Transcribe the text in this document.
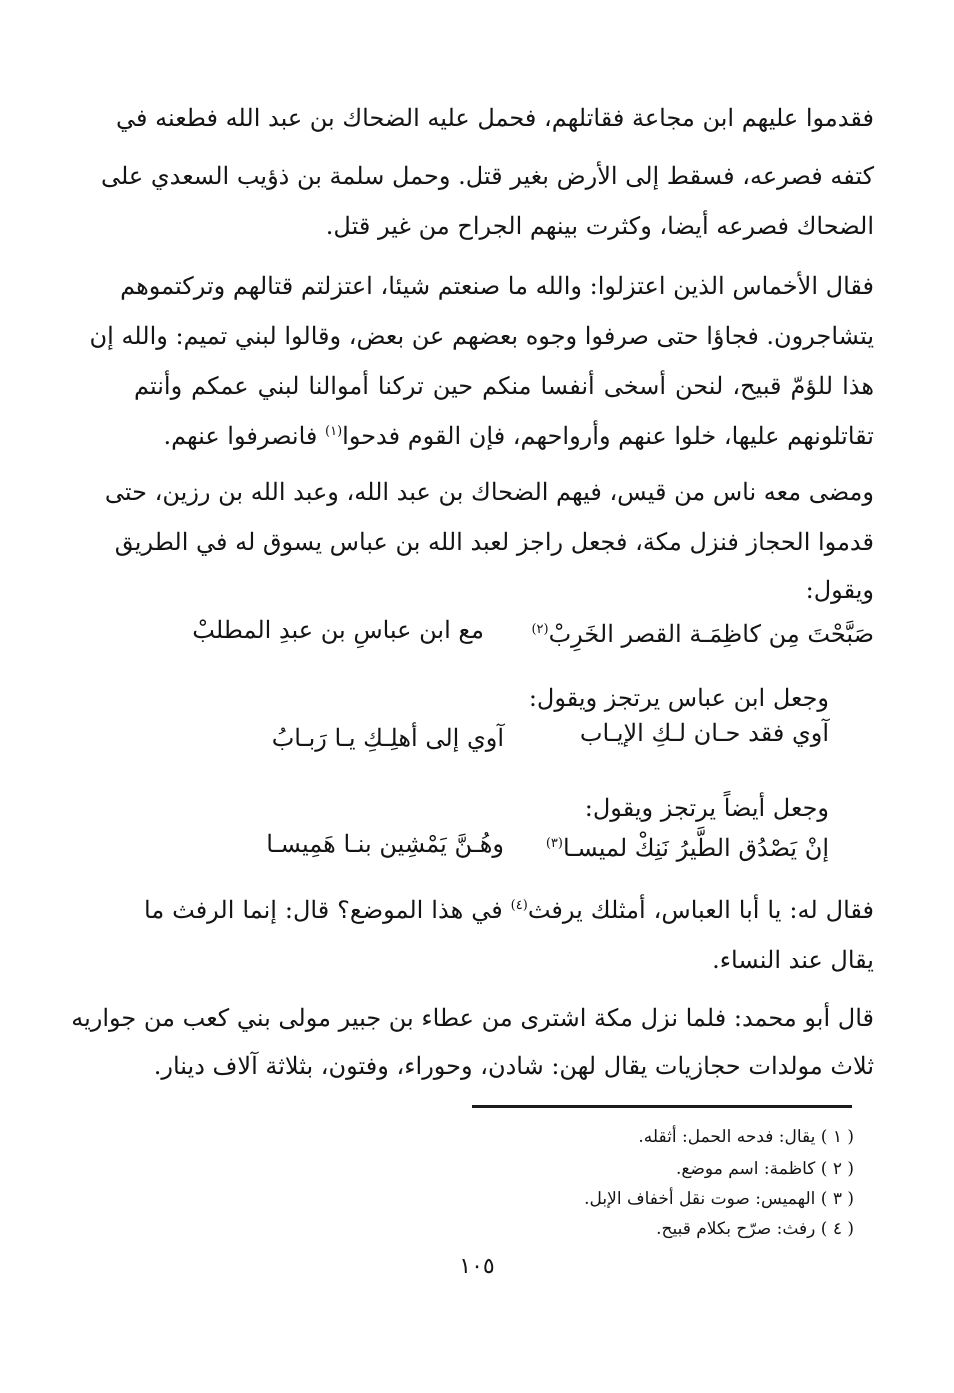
فقدموا عليهم ابن مجاعة فقاتلهم، فحمل عليه الضحاك بن عبد الله فطعنه في
كتفه فصرعه، فسقط إلى الأرض بغير قتل. وحمل سلمة بن ذؤيب السعدي على
الضحاك فصرعه أيضا، وكثرت بينهم الجراح من غير قتل.
فقال الأخماس الذين اعتزلوا: والله ما صنعتم شيئا، اعتزلتم قتالهم وتركتموهم
يتشاجرون. فجاؤا حتى صرفوا وجوه بعضهم عن بعض، وقالوا لبني تميم: والله إن
هذا للؤمّ قبيح، لنحن أسخى أنفسا منكم حين تركنا أموالنا لبني عمكم وأنتم
تقاتلونهم عليها، خلوا عنهم وأرواحهم، فإن القوم فدحوا$^{(١)}$ فانصرفوا عنهم.
ومضى معه ناس من قيس، فيهم الضحاك بن عبد الله، وعبد الله بن رزين، حتى
قدموا الحجاز فنزل مكة، فجعل راجز لعبد الله بن عباس يسوق له في الطريق
ويقول:
صَبَّحْتَ مِن كاظِمَـة القصر الخَرِبْ$^{(٢)}$
مع ابن عباسِ بن عبدِ المطلبْ
وجعل ابن عباس يرتجز ويقول:
آوي إلى أهلِـكِ يـا رَبـابُ	آوي فقد حـان لـكِ الإيـاب
وجعل أيضاً يرتجز ويقول:
وهُـنَّ يَمْشِين بنـا هَمِيسـا	إنْ يَصْدُق الطَّيرُ نَنِكْ لميسـا$^{(٣)}$
فقال له: يا أبا العباس، أمثلك يرفث$^{(٤)}$ في هذا الموضع؟ قال: إنما الرفث ما
يقال عند النساء.
قال أبو محمد: فلما نزل مكة اشترى من عطاء بن جبير مولى بني كعب من جواريه
ثلاث مولدات حجازيات يقال لهن: شادن، وحوراء، وفتون، بثلاثة آلاف دينار.
( ١ ) يقال: فدحه الحمل: أثقله.
( ٢ ) كاظمة: اسم موضع.
( ٣ ) الهميس: صوت نقل أخفاف الإبل.
( ٤ ) رفث: صرّح بكلام قبيح.
١٠٥
